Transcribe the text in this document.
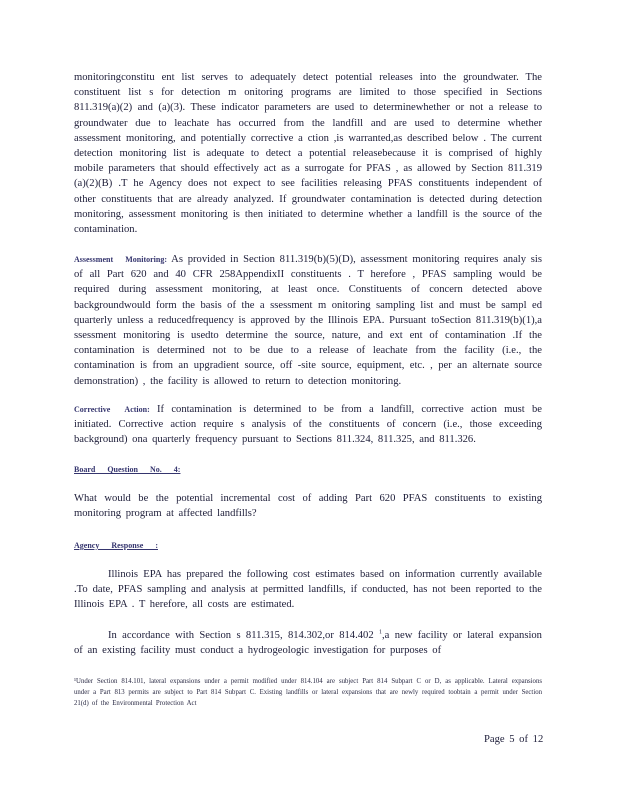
monitoringconstitu ent list serves to adequately detect potential releases into the groundwater. The constituent list s for detection m onitoring programs are limited to those specified in Sections 811.319(a)(2) and (a)(3). These indicator parameters are used to determinewhether or not a release to groundwater due to leachate has occurred from the landfill and are used to determine whether assessment monitoring, and potentially corrective a ction ,is warranted,as described below . The current detection monitoring list is adequate to detect a potential releasebecause it is comprised of highly mobile parameters that should effectively act as a surrogate for PFAS , as allowed by Section 811.319 (a)(2)(B) .T he Agency does not expect to see facilities releasing PFAS constituents independent of other constituents that are already analyzed. If groundwater contamination is detected during detection monitoring, assessment monitoring is then initiated to determine whether a landfill is the source of the contamination.

Assessment Monitoring: As provided in Section 811.319(b)(5)(D), assessment monitoring requires analy sis of all Part 620 and 40 CFR 258AppendixII constituents . T herefore , PFAS sampling would be required during assessment monitoring, at least once. Constituents of concern detected above backgroundwould form the basis of the a ssessment m onitoring sampling list and must be sampl ed quarterly unless a reducedfrequency is approved by the Illinois EPA. Pursuant toSection 811.319(b)(1),a ssessment monitoring is usedto determine the source, nature, and ext ent of contamination .If the contamination is determined not to be due to a release of leachate from the facility (i.e., the contamination is from an upgradient source, off -site source, equipment, etc. , per an alternate source demonstration) , the facility is allowed to return to detection monitoring.

Corrective Action: If contamination is determined to be from a landfill, corrective action must be initiated. Corrective action require s analysis of the constituents of concern (i.e., those exceeding background) ona quarterly frequency pursuant to Sections 811.324, 811.325, and 811.326.

Board Question No. 4:

What would be the potential incremental cost of adding Part 620 PFAS constituents to existing monitoring program at affected landfills?

Agency Response :

Illinois EPA has prepared the following cost estimates based on information currently available .To date, PFAS sampling and analysis at permitted landfills, if conducted, has not been reported to the Illinois EPA . T herefore, all costs are estimated.

In accordance with Section s 811.315, 814.302,or 814.402 $^1$,a new facility or lateral expansion of an existing facility must conduct a hydrogeologic investigation for purposes of

¹Under Section 814.101, lateral expansions under a permit modified under 814.104 are subject Part 814 Subpart C or D, as applicable. Lateral expansions under a Part 813 permits are subject to Part 814 Subpart C. Existing landfills or lateral expansions that are newly required toobtain a permit under Section 21(d) of the Environmental Protection Act

Page 5 of 12
